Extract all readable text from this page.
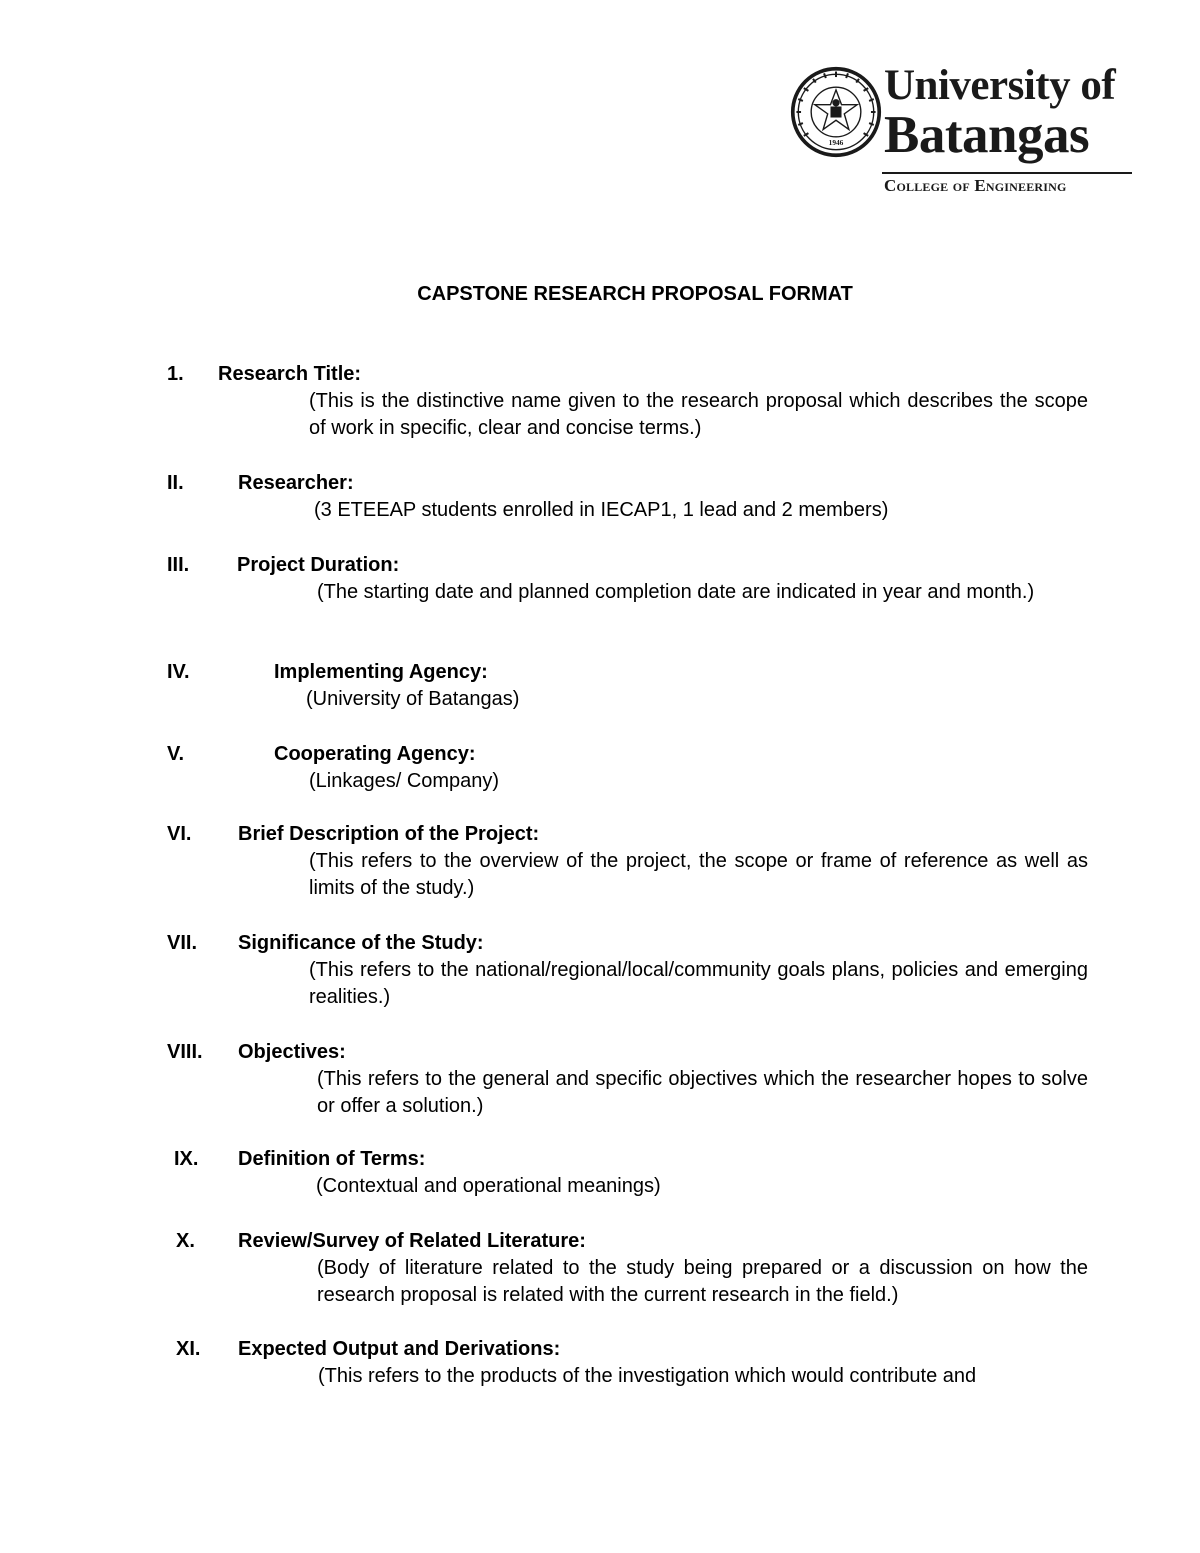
1946
University of
Batangas
College of Engineering
CAPSTONE RESEARCH PROPOSAL FORMAT
1. Research Title:
(This is the distinctive name given to the research proposal which describes the scope of work in specific, clear and concise terms.)
II.	Researcher:
(3 ETEEAP students enrolled in IECAP1, 1 lead and 2 members)
III. Project Duration:
(The starting date and planned completion date are indicated in year and month.)
IV.	Implementing Agency:
(University of Batangas)
V.	Cooperating Agency:
(Linkages/ Company)
VI. Brief Description of the Project:
(This refers to the overview of the project, the scope or frame of reference as well as limits of the study.)
VII. Significance of the Study:
(This refers to the national/regional/local/community goals plans, policies and emerging realities.)
VIII. Objectives:
(This refers to the general and specific objectives which the researcher hopes to solve or offer a solution.)
IX. Definition of Terms:
(Contextual and operational meanings)
X. Review/Survey of Related Literature:
(Body of literature related to the study being prepared or a discussion on how the research proposal is related with the current research in the field.)
XI. Expected Output and Derivations:
(This refers to the products of the investigation which would contribute and
